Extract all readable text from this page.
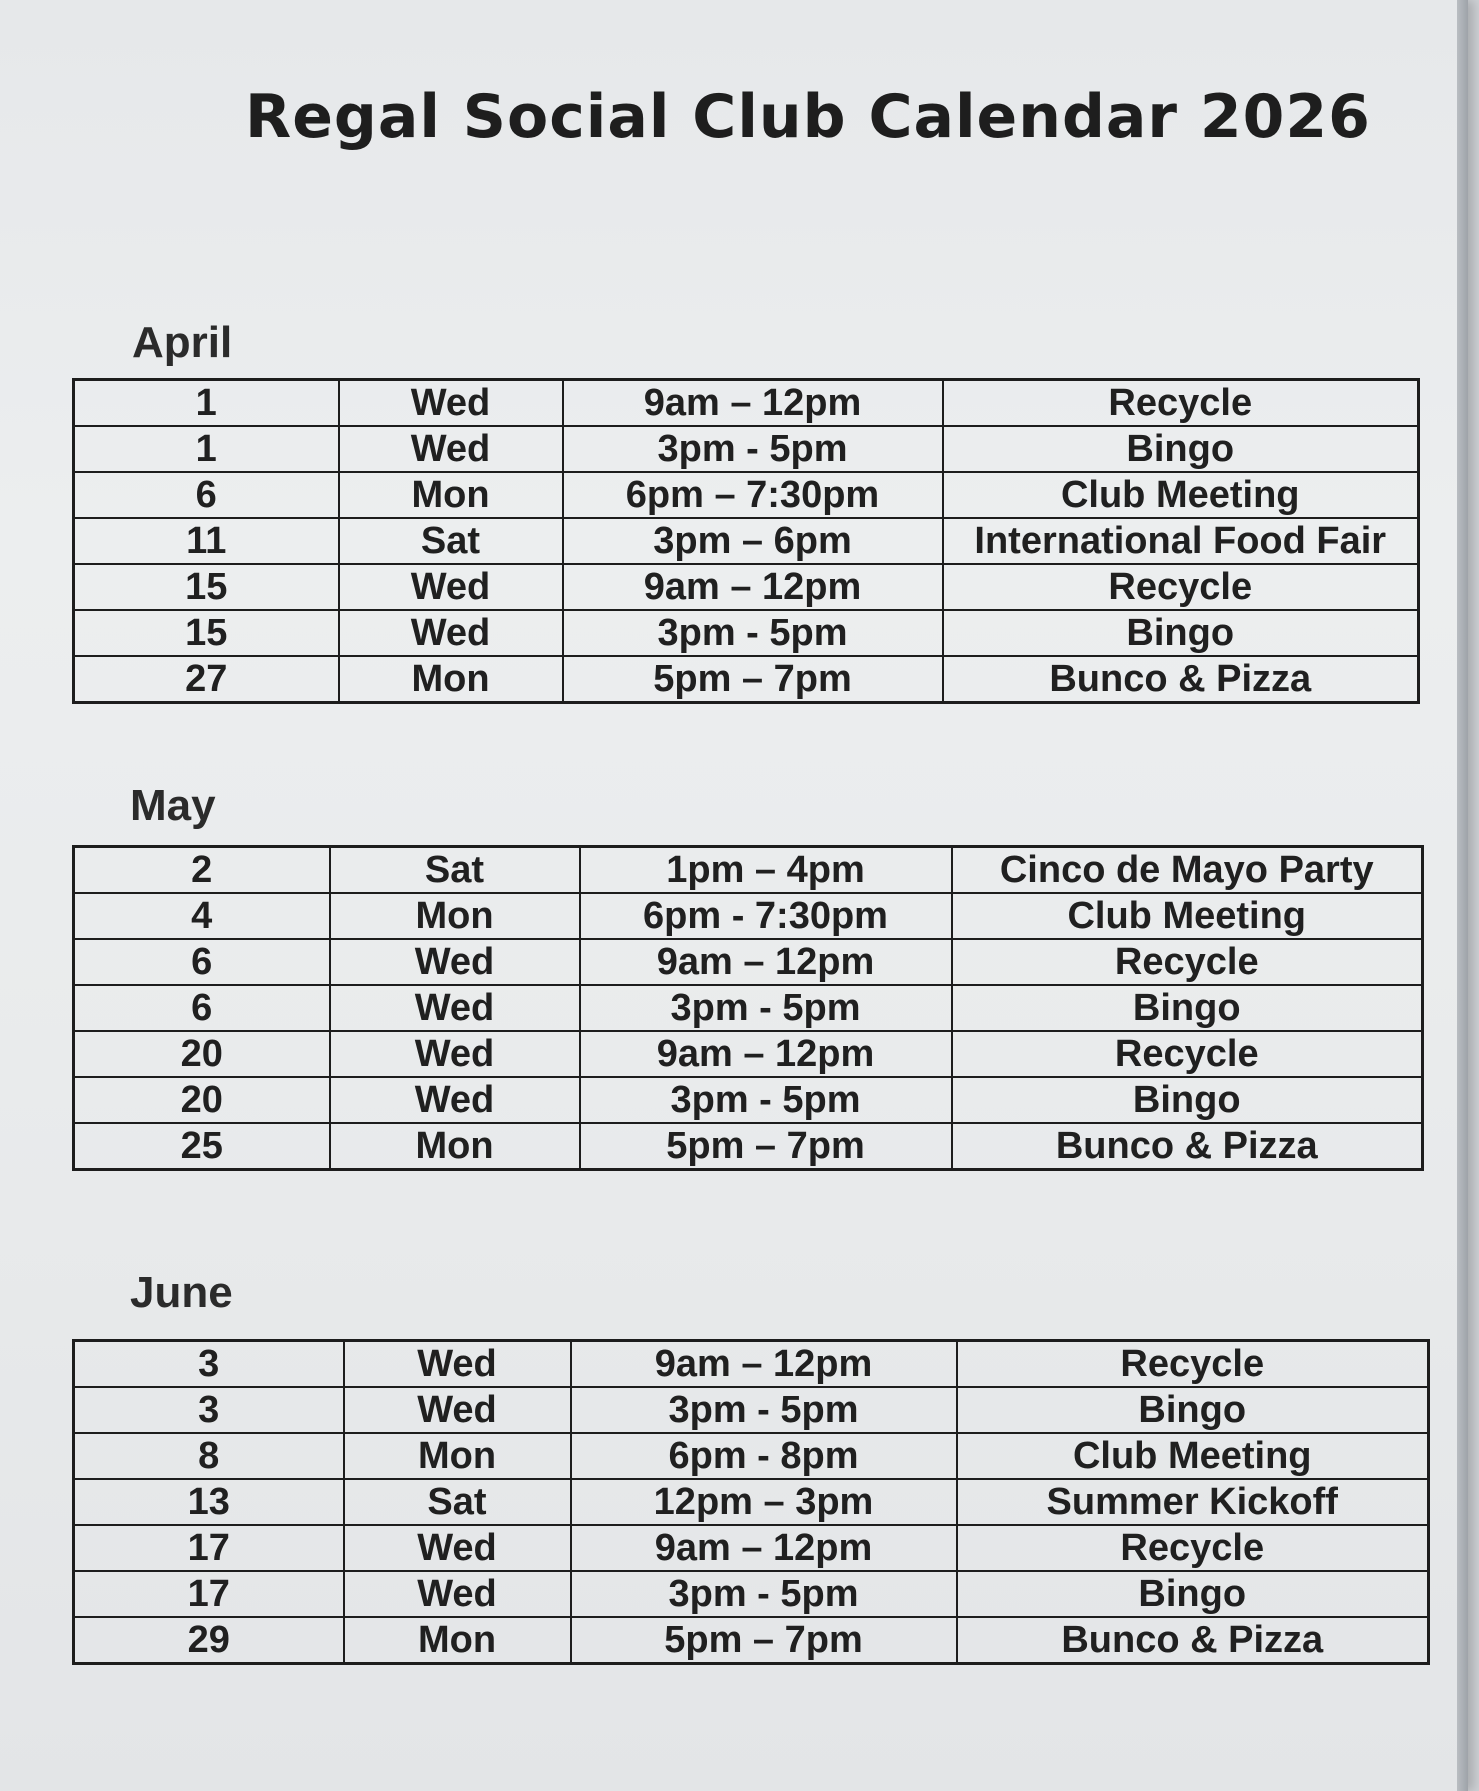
Regal Social Club Calendar 2026
April
1	Wed	9am – 12pm	Recycle
1	Wed	3pm - 5pm	Bingo
6	Mon	6pm – 7:30pm	Club Meeting
11	Sat	3pm – 6pm	International Food Fair
15	Wed	9am – 12pm	Recycle
15	Wed	3pm - 5pm	Bingo
27	Mon	5pm – 7pm	Bunco & Pizza
May
2	Sat	1pm – 4pm	Cinco de Mayo Party
4	Mon	6pm - 7:30pm	Club Meeting
6	Wed	9am – 12pm	Recycle
6	Wed	3pm - 5pm	Bingo
20	Wed	9am – 12pm	Recycle
20	Wed	3pm - 5pm	Bingo
25	Mon	5pm – 7pm	Bunco & Pizza
June
3	Wed	9am – 12pm	Recycle
3	Wed	3pm - 5pm	Bingo
8	Mon	6pm - 8pm	Club Meeting
13	Sat	12pm – 3pm	Summer Kickoff
17	Wed	9am – 12pm	Recycle
17	Wed	3pm - 5pm	Bingo
29	Mon	5pm – 7pm	Bunco & Pizza
